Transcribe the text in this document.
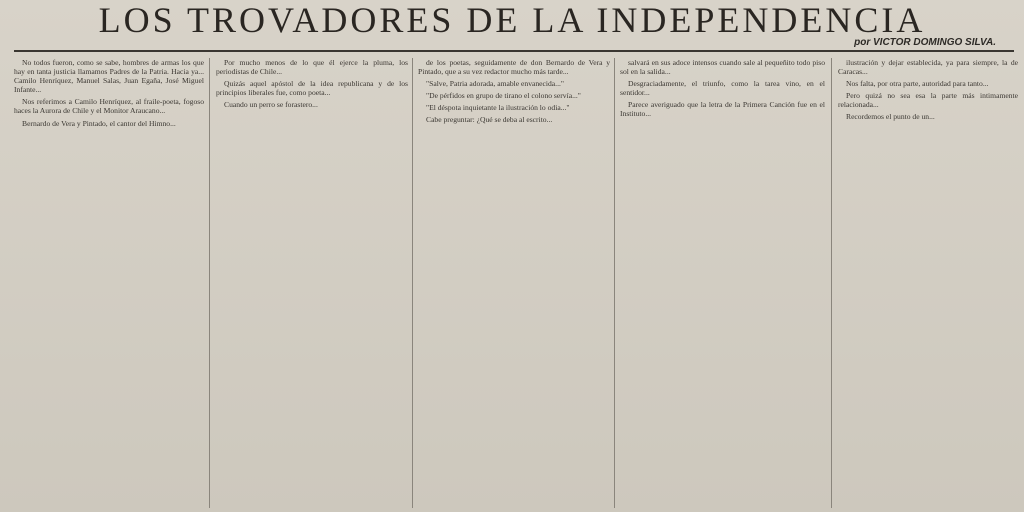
LOS TROVADORES DE LA INDEPENDENCIA
por VICTOR DOMINGO SILVA.

No todos fueron, como se sabe, hombres de armas los que hay en tanta justicia llamamos Padres de la Patria. Hacia ya... Camilo Henríquez, Manuel Salas, Juan Egaña, José Miguel Infante...

Nos referimos a Camilo Henríquez, al fraile-poeta, fogoso haces la Aurora de Chile y el Monitor Araucano...

Bernardo de Vera y Pintado, el cantor del Himno...

Por mucho menos de lo que él ejerce la pluma, los periodistas de Chile...

Quizás aquel apóstol de la idea republicana y de los principios liberales fue, como poeta...

Cuando un perro se forastero...

de los poetas, seguidamente de don Bernardo de Vera y Pintado, que a su vez redactor mucho más tarde...

"Salve, Patria adorada, amable envanecida..."

"De pérfidos en grupo de tirano el colono servía..."

"El déspota inquietante la ilustración lo odia..."

Cabe preguntar: ¿Qué se deba al escrito...

salvará en sus adoce intensos cuando sale al pequeñito todo piso sol en la salida...

Desgraciadamente, el triunfo, como la tarea vino, en el sentidor...

Parece averiguado que la letra de la Primera Canción fue en el Instituto...

ilustración y dejar establecida, ya para siempre, la de Caracas...

Nos falta, por otra parte, autoridad para tanto...

Pero quizá no sea esa la parte más intimamente relacionada...

Recordemos el punto de un...
